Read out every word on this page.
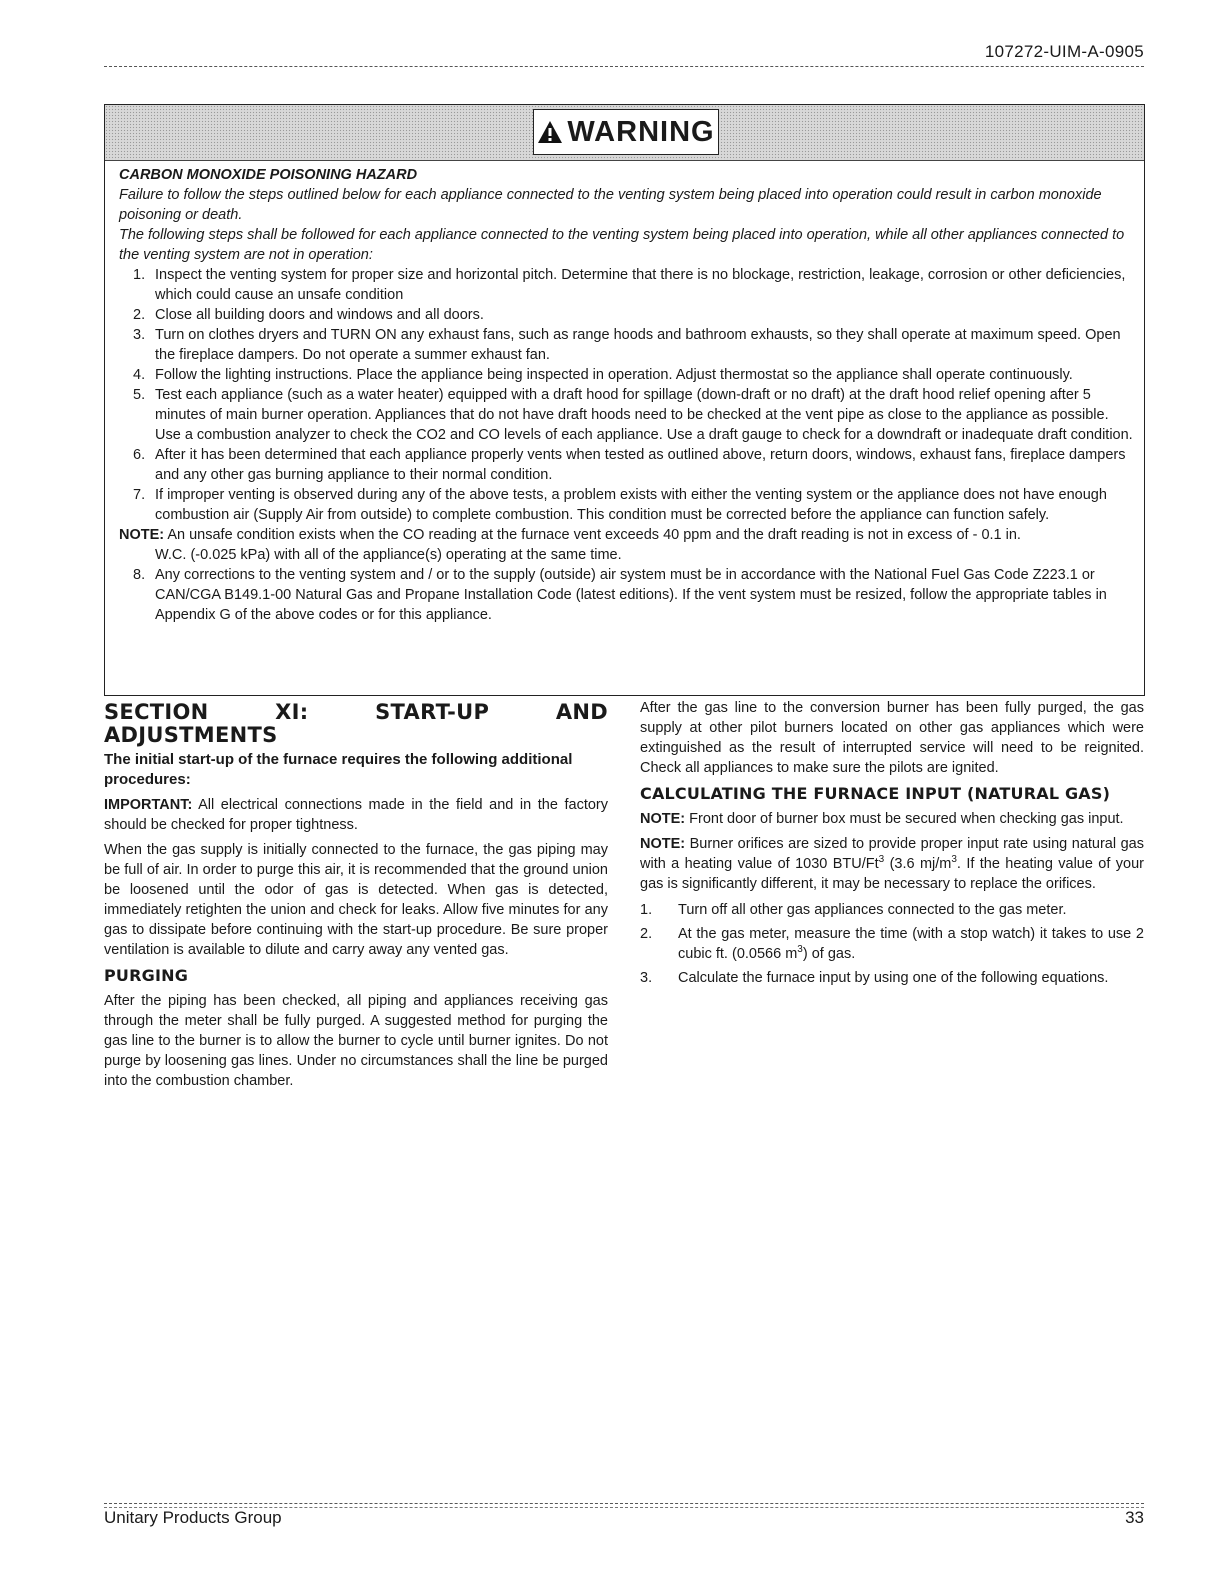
107272-UIM-A-0905
WARNING
CARBON MONOXIDE POISONING HAZARD
Failure to follow the steps outlined below for each appliance connected to the venting system being placed into operation could result in carbon monoxide poisoning or death.
The following steps shall be followed for each appliance connected to the venting system being placed into operation, while all other appliances connected to the venting system are not in operation:
1. Inspect the venting system for proper size and horizontal pitch. Determine that there is no blockage, restriction, leakage, corrosion or other deficiencies, which could cause an unsafe condition
2. Close all building doors and windows and all doors.
3. Turn on clothes dryers and TURN ON any exhaust fans, such as range hoods and bathroom exhausts, so they shall operate at maximum speed. Open the fireplace dampers. Do not operate a summer exhaust fan.
4. Follow the lighting instructions. Place the appliance being inspected in operation. Adjust thermostat so the appliance shall operate continuously.
5. Test each appliance (such as a water heater) equipped with a draft hood for spillage (down-draft or no draft) at the draft hood relief opening after 5 minutes of main burner operation. Appliances that do not have draft hoods need to be checked at the vent pipe as close to the appliance as possible. Use a combustion analyzer to check the CO2 and CO levels of each appliance. Use a draft gauge to check for a downdraft or inadequate draft condition.
6. After it has been determined that each appliance properly vents when tested as outlined above, return doors, windows, exhaust fans, fireplace dampers and any other gas burning appliance to their normal condition.
7. If improper venting is observed during any of the above tests, a problem exists with either the venting system or the appliance does not have enough combustion air (Supply Air from outside) to complete combustion. This condition must be corrected before the appliance can function safely.
NOTE: An unsafe condition exists when the CO reading at the furnace vent exceeds 40 ppm and the draft reading is not in excess of - 0.1 in.
W.C. (-0.025 kPa) with all of the appliance(s) operating at the same time.
8. Any corrections to the venting system and / or to the supply (outside) air system must be in accordance with the National Fuel Gas Code Z223.1 or CAN/CGA B149.1-00 Natural Gas and Propane Installation Code (latest editions). If the vent system must be resized, follow the appropriate tables in Appendix G of the above codes or for this appliance.
SECTION XI: START-UP AND ADJUSTMENTS
The initial start-up of the furnace requires the following additional procedures:
IMPORTANT: All electrical connections made in the field and in the factory should be checked for proper tightness.
When the gas supply is initially connected to the furnace, the gas piping may be full of air. In order to purge this air, it is recommended that the ground union be loosened until the odor of gas is detected. When gas is detected, immediately retighten the union and check for leaks. Allow five minutes for any gas to dissipate before continuing with the start-up procedure. Be sure proper ventilation is available to dilute and carry away any vented gas.
PURGING
After the piping has been checked, all piping and appliances receiving gas through the meter shall be fully purged. A suggested method for purging the gas line to the burner is to allow the burner to cycle until burner ignites. Do not purge by loosening gas lines. Under no circumstances shall the line be purged into the combustion chamber.
After the gas line to the conversion burner has been fully purged, the gas supply at other pilot burners located on other gas appliances which were extinguished as the result of interrupted service will need to be reignited. Check all appliances to make sure the pilots are ignited.
CALCULATING THE FURNACE INPUT (NATURAL GAS)
NOTE: Front door of burner box must be secured when checking gas input.
NOTE: Burner orifices are sized to provide proper input rate using natural gas with a heating value of 1030 BTU/Ft$^3$ (3.6 $mj/m^3$. If the heating value of your gas is significantly different, it may be necessary to replace the orifices.
1. Turn off all other gas appliances connected to the gas meter.
2. At the gas meter, measure the time (with a stop watch) it takes to use 2 cubic ft. (0.0566 $m^3$) of gas.
3. Calculate the furnace input by using one of the following equations.
Unitary Products Group	33
